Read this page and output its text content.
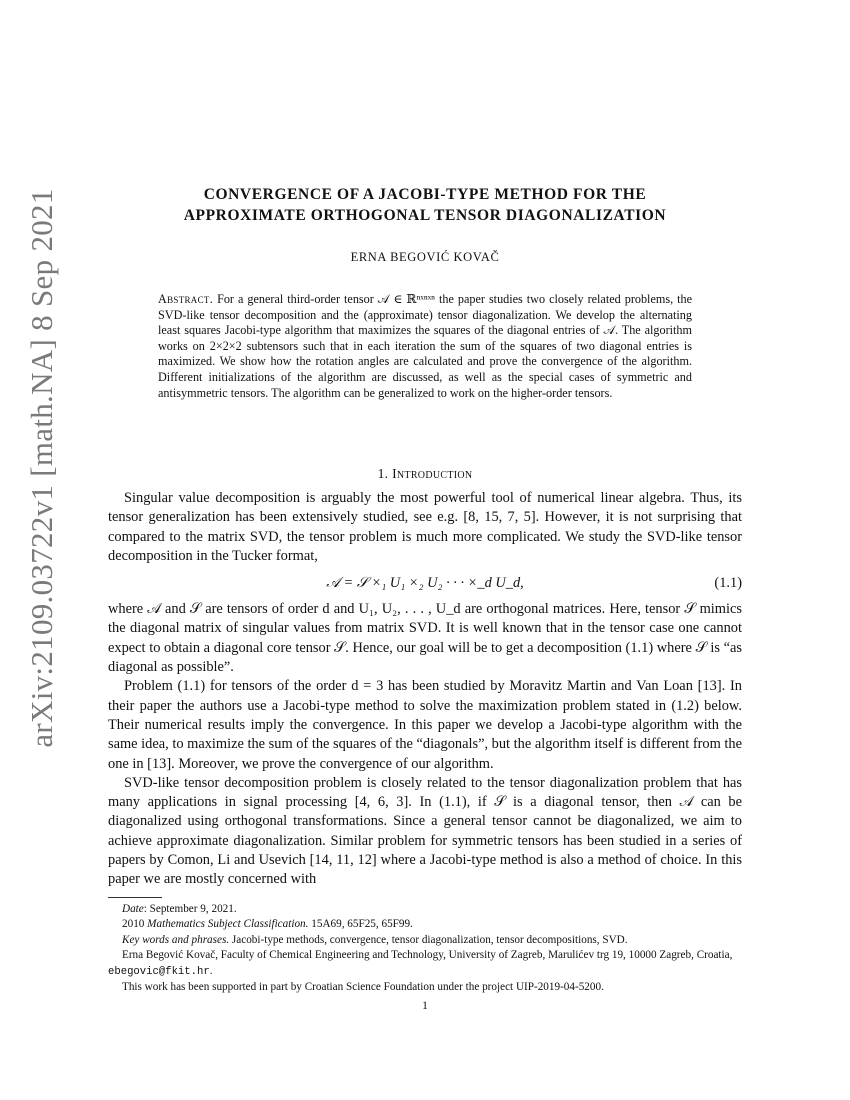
arXiv:2109.03722v1 [math.NA] 8 Sep 2021	CONVERGENCE OF A JACOBI-TYPE METHOD FOR THE
APPROXIMATE ORTHOGONAL TENSOR DIAGONALIZATION
ERNA BEGOVIĆ KOVAČ
Abstract. For a general third-order tensor 𝒜 ∈ ℝⁿˣⁿˣⁿ the paper studies two closely related problems, the SVD-like tensor decomposition and the (approximate) tensor diagonalization. We develop the alternating least squares Jacobi-type algorithm that maximizes the squares of the diagonal entries of 𝒜. The algorithm works on 2×2×2 subtensors such that in each iteration the sum of the squares of two diagonal entries is maximized. We show how the rotation angles are calculated and prove the convergence of the algorithm. Different initializations of the algorithm are discussed, as well as the special cases of symmetric and antisymmetric tensors. The algorithm can be generalized to work on the higher-order tensors.
1. Introduction

Singular value decomposition is arguably the most powerful tool of numerical linear algebra. Thus, its tensor generalization has been extensively studied, see e.g. [8, 15, 7, 5]. However, it is not surprising that compared to the matrix SVD, the tensor problem is much more complicated. We study the SVD-like tensor decomposition in the Tucker format,

𝒜 = 𝒮 ×₁ U₁ ×₂ U₂ · · · ×_d U_d,	(1.1)

where 𝒜 and 𝒮 are tensors of order d and U₁, U₂, . . . , U_d are orthogonal matrices. Here, tensor 𝒮 mimics the diagonal matrix of singular values from matrix SVD. It is well known that in the tensor case one cannot expect to obtain a diagonal core tensor 𝒮. Hence, our goal will be to get a decomposition (1.1) where 𝒮 is “as diagonal as possible”.

Problem (1.1) for tensors of the order d = 3 has been studied by Moravitz Martin and Van Loan [13]. In their paper the authors use a Jacobi-type method to solve the maximization problem stated in (1.2) below. Their numerical results imply the convergence. In this paper we develop a Jacobi-type algorithm with the same idea, to maximize the sum of the squares of the “diagonals”, but the algorithm itself is different from the one in [13]. Moreover, we prove the convergence of our algorithm.

SVD-like tensor decomposition problem is closely related to the tensor diagonalization problem that has many applications in signal processing [4, 6, 3]. In (1.1), if 𝒮 is a diagonal tensor, then 𝒜 can be diagonalized using orthogonal transformations. Since a general tensor cannot be diagonalized, we aim to achieve approximate diagonalization. Similar problem for symmetric tensors has been studied in a series of papers by Comon, Li and Usevich [14, 11, 12] where a Jacobi-type method is also a method of choice. In this paper we are mostly concerned with

Date: September 9, 2021.

2010 Mathematics Subject Classification. 15A69, 65F25, 65F99.

Key words and phrases. Jacobi-type methods, convergence, tensor diagonalization, tensor decompositions, SVD.

Erna Begović Kovač, Faculty of Chemical Engineering and Technology, University of Zagreb, Marulićev trg 19, 10000 Zagreb, Croatia, ebegovic@fkit.hr.

This work has been supported in part by Croatian Science Foundation under the project UIP-2019-04-5200.

1
